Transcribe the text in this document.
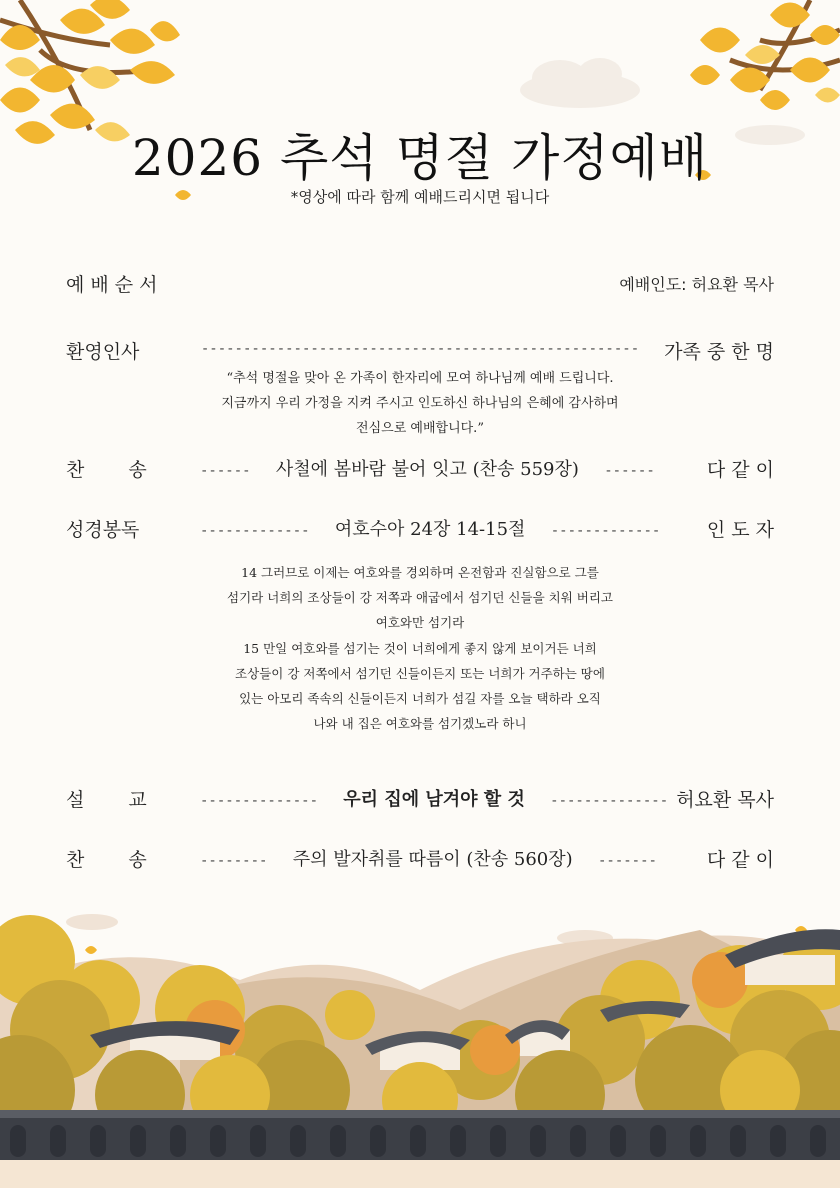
2026 추석 명절 가정예배
*영상에 따라 함께 예배드리시면 됩니다
예 배 순 서	예배인도: 허요환 목사
환영인사	---------------------------------------------------- 가족 중 한 명
“추석 명절을 맞아 온 가족이 한자리에 모여 하나님께 예배 드립니다.
지금까지 우리 가정을 지켜 주시고 인도하신 하나님의 은혜에 감사하며
전심으로 예배합니다.”
찬 송	------   사철에 봄바람 불어 잇고 (찬송 559장)   ------	다 같 이
성경봉독	-------------   여호수아 24장 14-15절   ------------- 인 도 자
14 그러므로 이제는 여호와를 경외하며 온전함과 진실함으로 그를
섬기라 너희의 조상들이 강 저쪽과 애굽에서 섬기던 신들을 치워 버리고
여호와만 섬기라
15 만일 여호와를 섬기는 것이 너희에게 좋지 않게 보이거든 너희
조상들이 강 저쪽에서 섬기던 신들이든지 또는 너희가 거주하는 땅에
있는 아모리 족속의 신들이든지 너희가 섬길 자를 오늘 택하라 오직
나와 내 집은 여호와를 섬기겠노라 하니
설 교	--------------   우리 집에 남겨야 할 것   -------------- 허요환 목사
찬 송	--------   주의 발자취를 따름이 (찬송 560장)   -------	다 같 이
